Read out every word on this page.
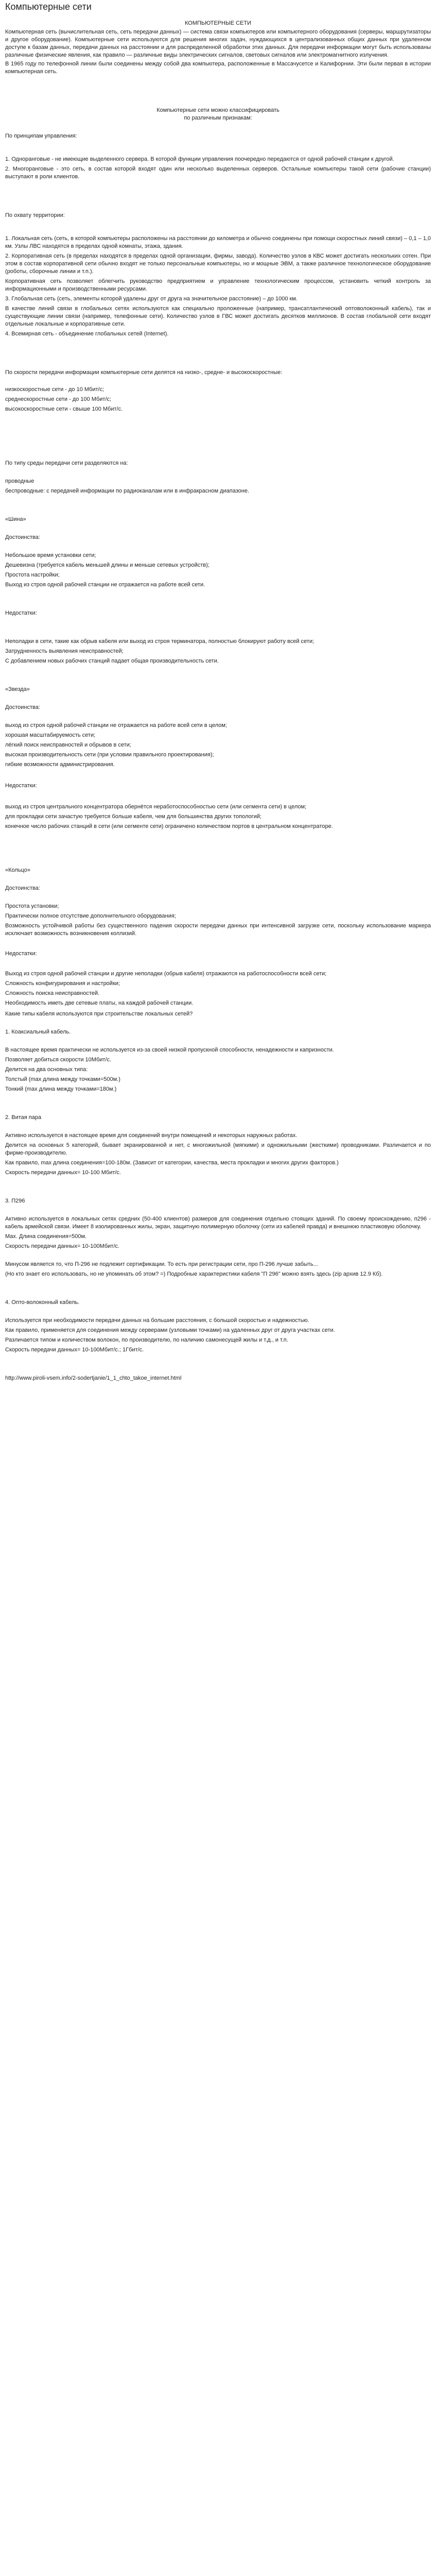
Компьютерные сети

КОМПЬЮТЕРНЫЕ СЕТИ

Компьютерная сеть (вычислительная сеть, сеть передачи данных) — система связи компьютеров или компьютерного оборудования (серверы, маршрутизаторы и другое оборудование). Компьютерные сети используются для решения многих задач, нуждающихся в централизованных общих данных при удаленном доступе к базам данных, передачи данных на расстоянии и для распределенной обработки этих данных. Для передачи информации могут быть использованы различные физические явления, как правило — различные виды электрических сигналов, световых сигналов или электромагнитного излучения.

В 1965 году по телефонной линии были соединены между собой два компьютера, расположенные в Массачусетсе и Калифорнии. Эти были первая в истории компьютерная сеть.

Компьютерные сети можно классифицировать

по различным признакам:

По принципам управления:

1. Одноранговые - не имеющие выделенного сервера. В которой функции управления поочередно передаются от одной рабочей станции к другой.

2. Многоранговые - это сеть, в состав которой входят один или несколько выделенных серверов. Остальные компьютеры такой сети (рабочие станции) выступают в роли клиентов.

По охвату территории:

1. Локальная сеть (сеть, в которой компьютеры расположены на расстоянии до километра и обычно соединены при помощи скоростных линий связи) – 0,1 – 1,0 км. Узлы ЛВС находятся в пределах одной комнаты, этажа, здания.

2. Корпоративная сеть (в пределах находятся в пределах одной организации, фирмы, завода). Количество узлов в КВС может достигать нескольких сотен. При этом в состав корпоративной сети обычно входят не только персональные компьютеры, но и мощные ЭВМ, а также различное технологическое оборудование (роботы, сборочные линии и т.п.).

Корпоративная сеть позволяет облегчить руководство предприятием и управление технологическим процессом, установить четкий контроль за информационными и производственными ресурсами.

3. Глобальная сеть (сеть, элементы которой удалены друг от друга на значительное расстояние) – до 1000 км.

В качестве линий связи в глобальных сетях используются как специально проложенные (например, трансатлантический оптоволоконный кабель), так и существующие линии связи (например, телефонные сети). Количество узлов в ГВС может достигать десятков миллионов. В состав глобальной сети входят отдельные локальные и корпоративные сети.

4. Всемирная сеть - объединение глобальных сетей (Internet).

По скорости передачи информации компьютерные сети делятся на низко-, средне- и высокоскоростные:

низкоскоростные сети - до 10 Мбит/с;

среднескоростные сети - до 100 Мбит/с;

высокоскоростные сети - свыше 100 Мбит/с.

По типу среды передачи сети разделяются на:

проводные

беспроводные: с передачей информации по радиоканалам или в инфракрасном диапазоне.

«Шина»

Достоинства:

Небольшое время установки сети;

Дешевизна (требуется кабель меньшей длины и меньше сетевых устройств);

Простота настройки;

Выход из строя одной рабочей станции не отражается на работе всей сети.

Недостатки:

Неполадки в сети, такие как обрыв кабеля или выход из строя терминатора, полностью блокируют работу всей сети;

Затрудненность выявления неисправностей;

С добавлением новых рабочих станций падает общая производительность сети.

«Звезда»

Достоинства:

выход из строя одной рабочей станции не отражается на работе всей сети в целом;

хорошая масштабируемость сети;

лёгкий поиск неисправностей и обрывов в сети;

высокая производительность сети (при условии правильного проектирования);

гибкие возможности администрирования.

Недостатки:

выход из строя центрального концентратора обернётся неработоспособностью сети (или сегмента сети) в целом;

для прокладки сети зачастую требуется больше кабеля, чем для большинства других топологий;

конечное число рабочих станций в сети (или сегменте сети) ограничено количеством портов в центральном концентраторе.

«Кольцо»

Достоинства:

Простота установки;

Практически полное отсутствие дополнительного оборудования;

Возможность устойчивой работы без существенного падения скорости передачи данных при интенсивной загрузке сети, поскольку использование маркера исключает возможность возникновения коллизий.

Недостатки:

Выход из строя одной рабочей станции и другие неполадки (обрыв кабеля) отражаются на работоспособности всей сети;

Сложность конфигурирования и настройки;

Сложность поиска неисправностей.

Необходимость иметь две сетевые платы, на каждой рабочей станции.

Какие типы кабеля используются при строительстве локальных сетей?

1. Коаксиальный кабель.

В настоящее время практически не используется из-за своей низкой пропускной способности, ненадежности и капризности.

Позволяет добиться скорости 10Мбит/с.

Делится на два основных типа:

Толстый (max длина между точками=500м.)

Тонкий (max длина между точками=180м.)

2. Витая пара

Активно используется в настоящее время для соединений внутри помещений и некоторых наружных работах.

Делится на основных 5 категорий, бывает экранированной и нет, с многожильной (мягкими) и одножильными (жесткими) проводниками. Различается и по фирме-производителю.

Как правило, max длина соединения=100-180м. (Зависит от категории, качества, места прокладки и многих других факторов.)

Скорость передачи данных= 10-100 Мбит/с.

3. П296

Активно используется в локальных сетях средних (50-400 клиентов) размеров для соединения отдельно стоящих зданий. По своему происхождению, п296 - кабель армейской связи. Имеет 8 изолированных жилы, экран, защитную полимерную оболочку (сети из кабелей правда) и внешнюю пластиковую оболочку.

Max. Длина соединения=500м.

Скорость передачи данных= 10-100Мбит/с.

Минусом является то, что П-296 не подлежит сертификации. То есть при регистрации сети, про П-296 лучше забыть...

(Но кто знает его использовать, но не упоминать об этом? =) Подробные характеристики кабеля "П 296" можно взять здесь (zip архив 12.9 Кб).

4. Опто-волоконный кабель.

Используется при необходимости передачи данных на большие расстояния, с большой скоростью и надежностью.

Как правило, применяется для соединения между серверами (узловыми точками) на удаленных друг от друга участках сети.

Различается типом и количеством волокон, по производителю, по наличию самонесущей жилы и т.д., и т.п.

Скорость передачи данных= 10-100Мбит/с.; 1Гбит/с.

http://www.piroli-vsem.info/2-sodertjanie/1_1_chto_takoe_internet.html
